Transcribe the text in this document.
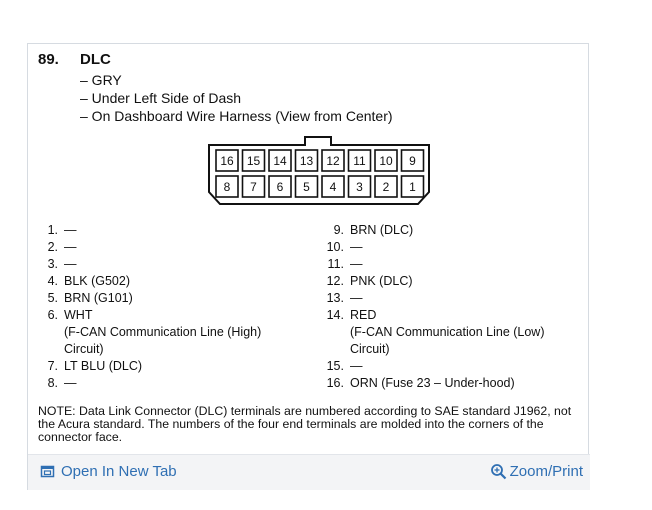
89. DLC
– GRY
– Under Left Side of Dash
– On Dashboard Wire Harness (View from Center)
16 15 14 13 12 11 10 9
8 7 6 5 4 3 2 1
1. —
2. —
3. —
4. BLK (G502)
5. BRN (G101)
6. WHT
(F-CAN Communication Line (High)
Circuit)
7. LT BLU (DLC)
8. —
9. BRN (DLC)
10. —
11. —
12. PNK (DLC)
13. —
14. RED
(F-CAN Communication Line (Low)
Circuit)
15. —
16. ORN (Fuse 23 – Under-hood)
NOTE: Data Link Connector (DLC) terminals are numbered according to SAE standard J1962, not the Acura standard. The numbers of the four end terminals are molded into the corners of the connector face.
Open In New Tab	Zoom/Print
